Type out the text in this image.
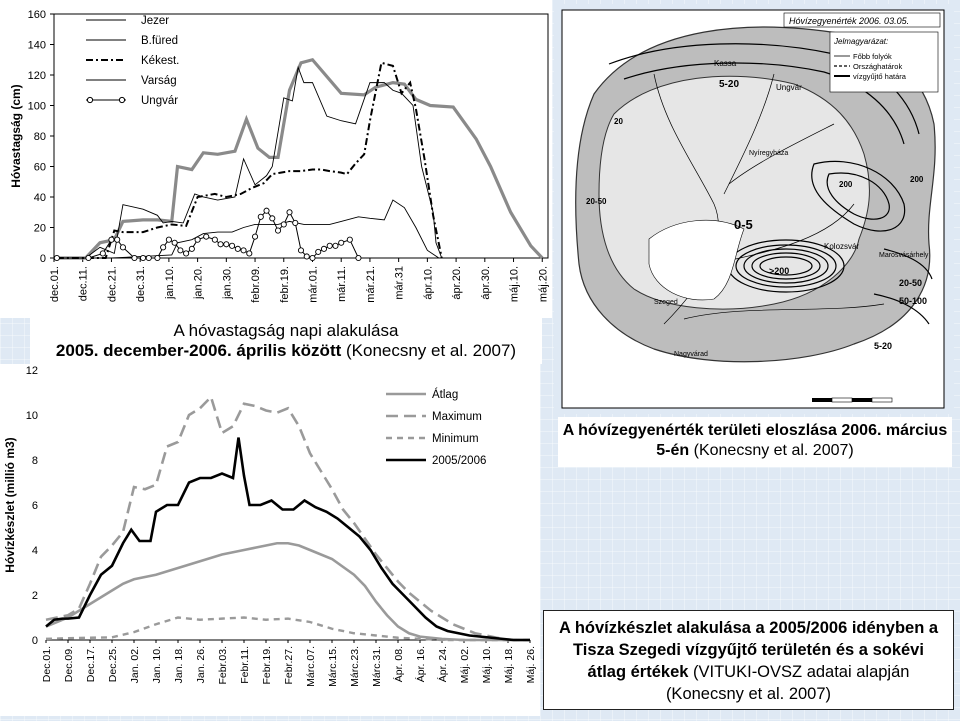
0
20
40
60
80
100
120
140
160
Hóvastagság (cm)
dec.01. dec.11. dec.21. dec.31. jan.10. jan.20. jan.30. febr.09. febr.19. már.01. már.11. már.21. már.31 ápr.10. ápr.20. ápr.30. máj.10. máj.20.
Jezer
B.füred
Kékest.
Varság
Ungvár
A hóvastagság napi alakulása
2005. december-2006. április között (Konecsny et al. 2007)
Hóvízegyenérték 2006. 03.05.
Jelmagyarázat:
Főbb folyók
Országhatárok
vízgyűjtő határa
Kassa
5-20	Ungvár
Nyíregyháza
Kolozsvár
Szeged
Nagyvárad
Marosvásárhely
20-50
50-100
0-5
5-20
>200
200
20-50
200
20
A hóvízegyenérték területi eloszlása 2006. március 5-én (Konecsny et al. 2007)
0
2
4
6
8
10
12
Hóvízkészlet (millió m3)
Dec.01. Dec.09. Dec.17. Dec.25. Jan. 02. Jan. 10. Jan. 18. Jan. 26. Febr.03. Febr.11. Febr.19. Febr.27. Márc.07. Márc.15. Márc.23. Márc.31. Ápr. 08. Ápr. 16. Ápr. 24. Máj. 02. Máj. 10. Máj. 18. Máj. 26.
Átlag
Maximum
Minimum
2005/2006
A hóvízkészlet alakulása a 2005/2006 idényben a Tisza Szegedi vízgyűjtő területén és a sokévi átlag értékek (VITUKI-OVSZ adatai alapján (Konecsny et al. 2007)
